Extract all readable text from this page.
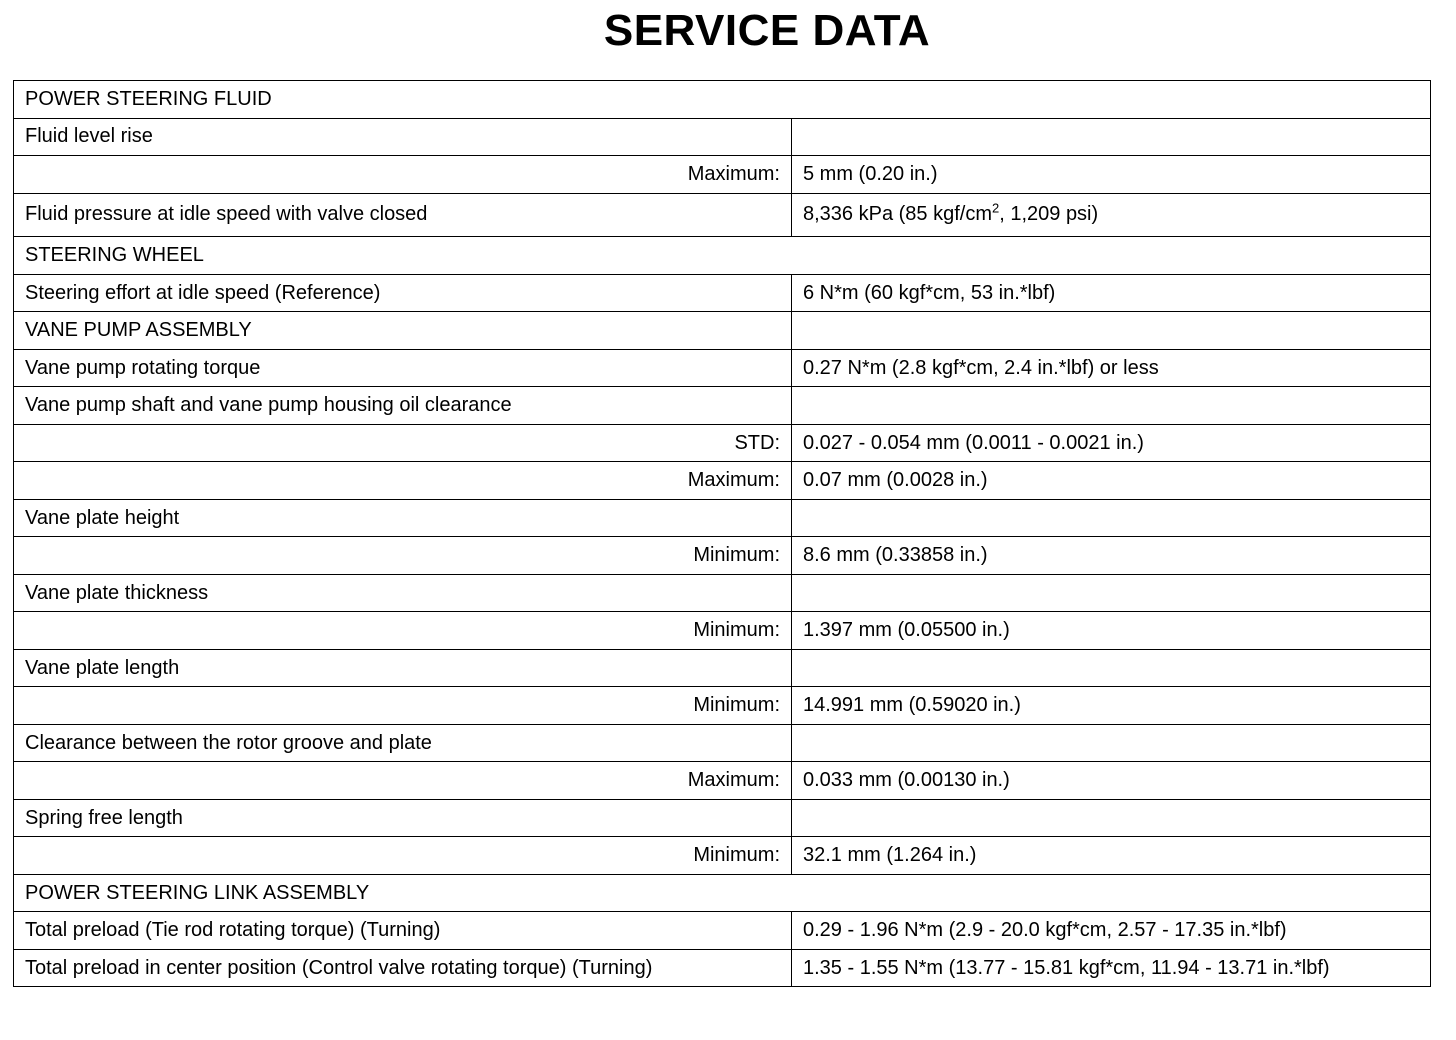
SERVICE DATA
POWER STEERING FLUID	
Fluid level rise	
Maximum:	5 mm (0.20 in.)
Fluid pressure at idle speed with valve closed	8,336 kPa (85 kgf/$cm^2$, 1,209 psi)
STEERING WHEEL	
Steering effort at idle speed (Reference)	6 N*m (60 kgf*cm, 53 in.*lbf)
VANE PUMP ASSEMBLY	
Vane pump rotating torque	0.27 N*m (2.8 kgf*cm, 2.4 in.*lbf) or less
Vane pump shaft and vane pump housing oil clearance	
STD:	0.027 - 0.054 mm (0.0011 - 0.0021 in.)
Maximum:	0.07 mm (0.0028 in.)
Vane plate height	
Minimum:	8.6 mm (0.33858 in.)
Vane plate thickness	
Minimum:	1.397 mm (0.05500 in.)
Vane plate length	
Minimum:	14.991 mm (0.59020 in.)
Clearance between the rotor groove and plate	
Maximum:	0.033 mm (0.00130 in.)
Spring free length	
Minimum:	32.1 mm (1.264 in.)
POWER STEERING LINK ASSEMBLY	
Total preload (Tie rod rotating torque) (Turning)	0.29 - 1.96 N*m (2.9 - 20.0 kgf*cm, 2.57 - 17.35 in.*lbf)
Total preload in center position (Control valve rotating torque) (Turning)	1.35 - 1.55 N*m (13.77 - 15.81 kgf*cm, 11.94 - 13.71 in.*lbf)
